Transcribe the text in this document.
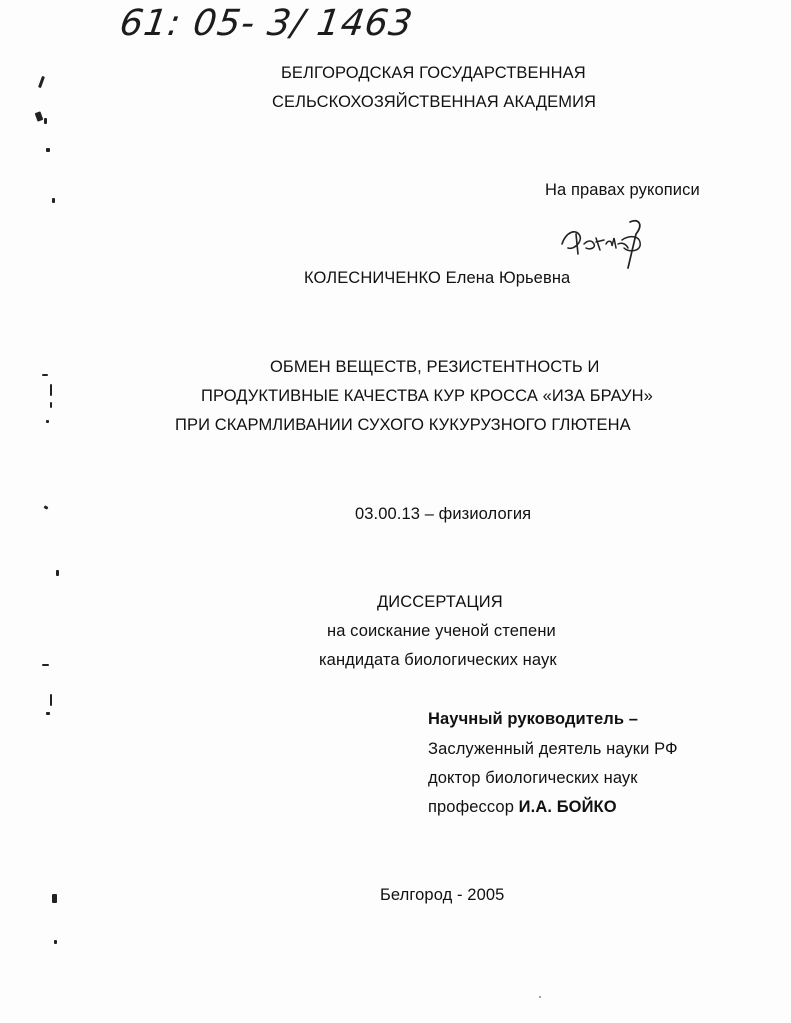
61: 05- 3/ 1463
БЕЛГОРОДСКАЯ ГОСУДАРСТВЕННАЯ
СЕЛЬСКОХОЗЯЙСТВЕННАЯ АКАДЕМИЯ
На правах рукописи
КОЛЕСНИЧЕНКО Елена Юрьевна
ОБМЕН ВЕЩЕСТВ, РЕЗИСТЕНТНОСТЬ И
ПРОДУКТИВНЫЕ КАЧЕСТВА КУР КРОССА «ИЗА БРАУН»
ПРИ СКАРМЛИВАНИИ СУХОГО КУКУРУЗНОГО ГЛЮТЕНА
03.00.13 – физиология
ДИССЕРТАЦИЯ
на соискание ученой степени
кандидата биологических наук
Научный руководитель –
Заслуженный деятель науки РФ
доктор биологических наук
профессор И.А. БОЙКО
Белгород - 2005
